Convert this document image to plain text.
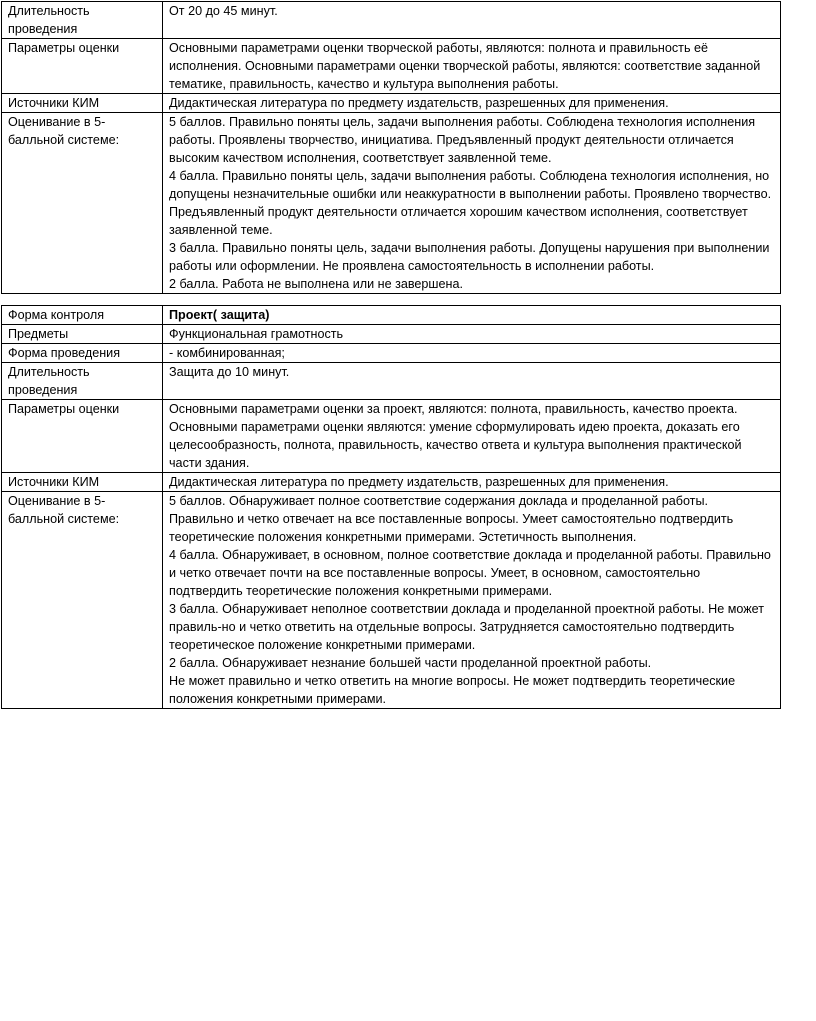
Длительность проведения	От 20 до 45 минут.

Параметры оценки	Основными параметрами оценки творческой работы, являются: полнота и правильность её исполнения. Основными параметрами оценки творческой работы, являются: соответствие заданной тематике, правильность, качество и культура выполнения работы.

Источники КИМ	Дидактическая литература по предмету издательств, разрешенных для применения.

Оценивание в 5-балльной системе:	5 баллов. Правильно поняты цель, задачи выполнения работы. Соблюдена технология исполнения работы. Проявлены творчество, инициатива. Предъявленный продукт деятельности отличается высоким качеством исполнения, соответствует заявленной теме.
4 балла. Правильно поняты цель, задачи выполнения работы. Соблюдена технология исполнения, но допущены незначительные ошибки или неаккуратности в выполнении работы. Проявлено творчество. Предъявленный продукт деятельности отличается хорошим качеством исполнения, соответствует заявленной теме.
3 балла. Правильно поняты цель, задачи выполнения работы. Допущены нарушения при выполнении работы или оформлении. Не проявлена самостоятельность в исполнении работы.
2 балла. Работа не выполнена или не завершена.
Форма контроля	Проект( защита)

Предметы	Функциональная грамотность

Форма проведения	- комбинированная;

Длительность проведения	Защита до 10 минут.

Параметры оценки	Основными параметрами оценки за проект, являются: полнота, правильность, качество проекта. Основными параметрами оценки являются: умение сформулировать идею проекта, доказать его целесообразность, полнота, правильность, качество ответа и культура выполнения практической части здания.

Источники КИМ	Дидактическая литература по предмету издательств, разрешенных для применения.

Оценивание в 5-балльной системе:	5 баллов. Обнаруживает полное соответствие содержания доклада и проделанной работы. Правильно и четко отвечает на все поставленные вопросы. Умеет самостоятельно подтвердить теоретические положения конкретными примерами. Эстетичность выполнения.
4 балла. Обнаруживает, в основном, полное соответствие доклада и проделанной работы. Правильно и четко отвечает почти на все поставленные вопросы. Умеет, в основном, самостоятельно подтвердить теоретические положения конкретными примерами.
3 балла. Обнаруживает неполное соответствии доклада и проделанной проектной работы. Не может правиль-но и четко ответить на отдельные вопросы. Затрудняется самостоятельно подтвердить теоретическое положение конкретными примерами.
2 балла. Обнаруживает незнание большей части проделанной проектной работы.
Не может правильно и четко ответить на многие вопросы. Не может подтвердить теоретические положения конкретными примерами.
